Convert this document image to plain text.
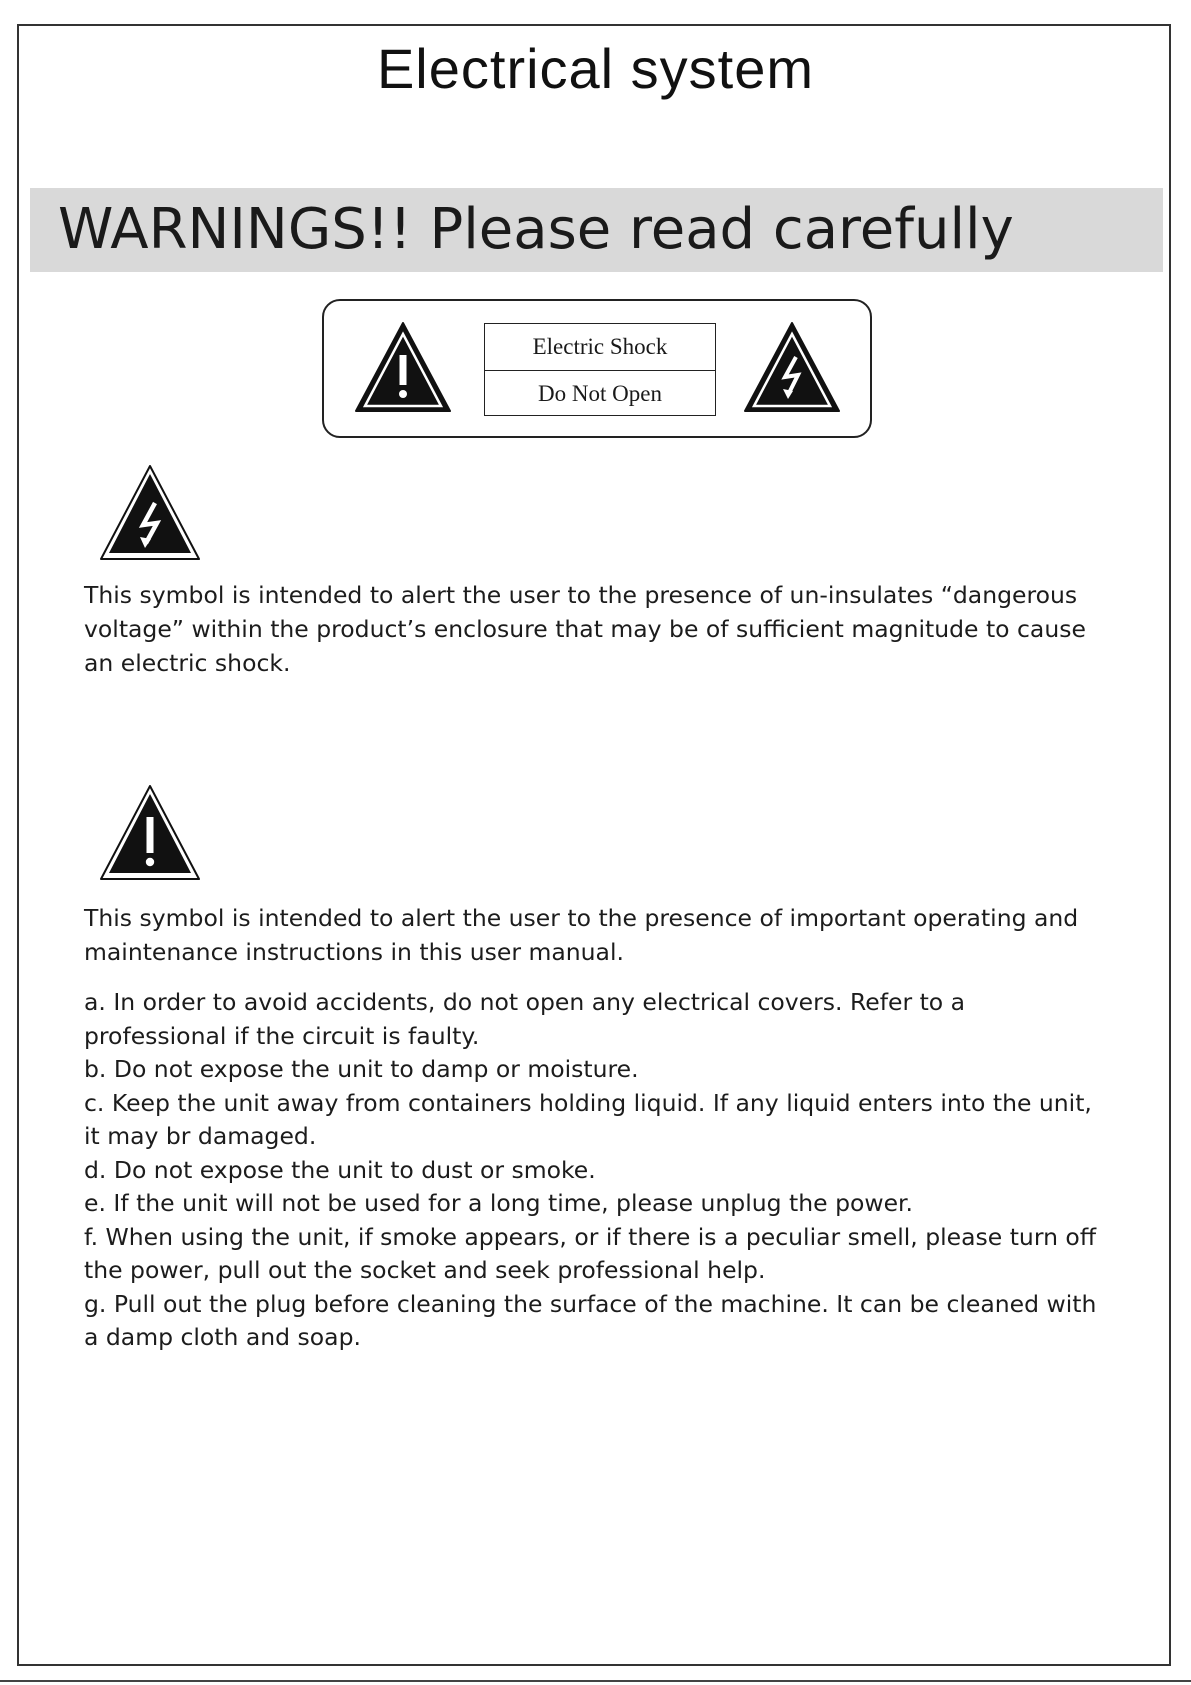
Electrical system

WARNINGS!! Please read carefully

Electric Shock
Do Not Open

This symbol is intended to alert the user to the presence of un-insulates “dangerous voltage” within the product’s enclosure that may be of sufficient magnitude to cause an electric shock.

This symbol is intended to alert the user to the presence of important operating and maintenance instructions in this user manual.

a. In order to avoid accidents, do not open any electrical covers. Refer to a professional if the circuit is faulty.
b. Do not expose the unit to damp or moisture.
c. Keep the unit away from containers holding liquid. If any liquid enters into the unit, it may br damaged.
d. Do not expose the unit to dust or smoke.
e. If the unit will not be used for a long time, please unplug the power.
f. When using the unit, if smoke appears, or if there is a peculiar smell, please turn off the power, pull out the socket and seek professional help.
g. Pull out the plug before cleaning the surface of the machine. It can be cleaned with a damp cloth and soap.
